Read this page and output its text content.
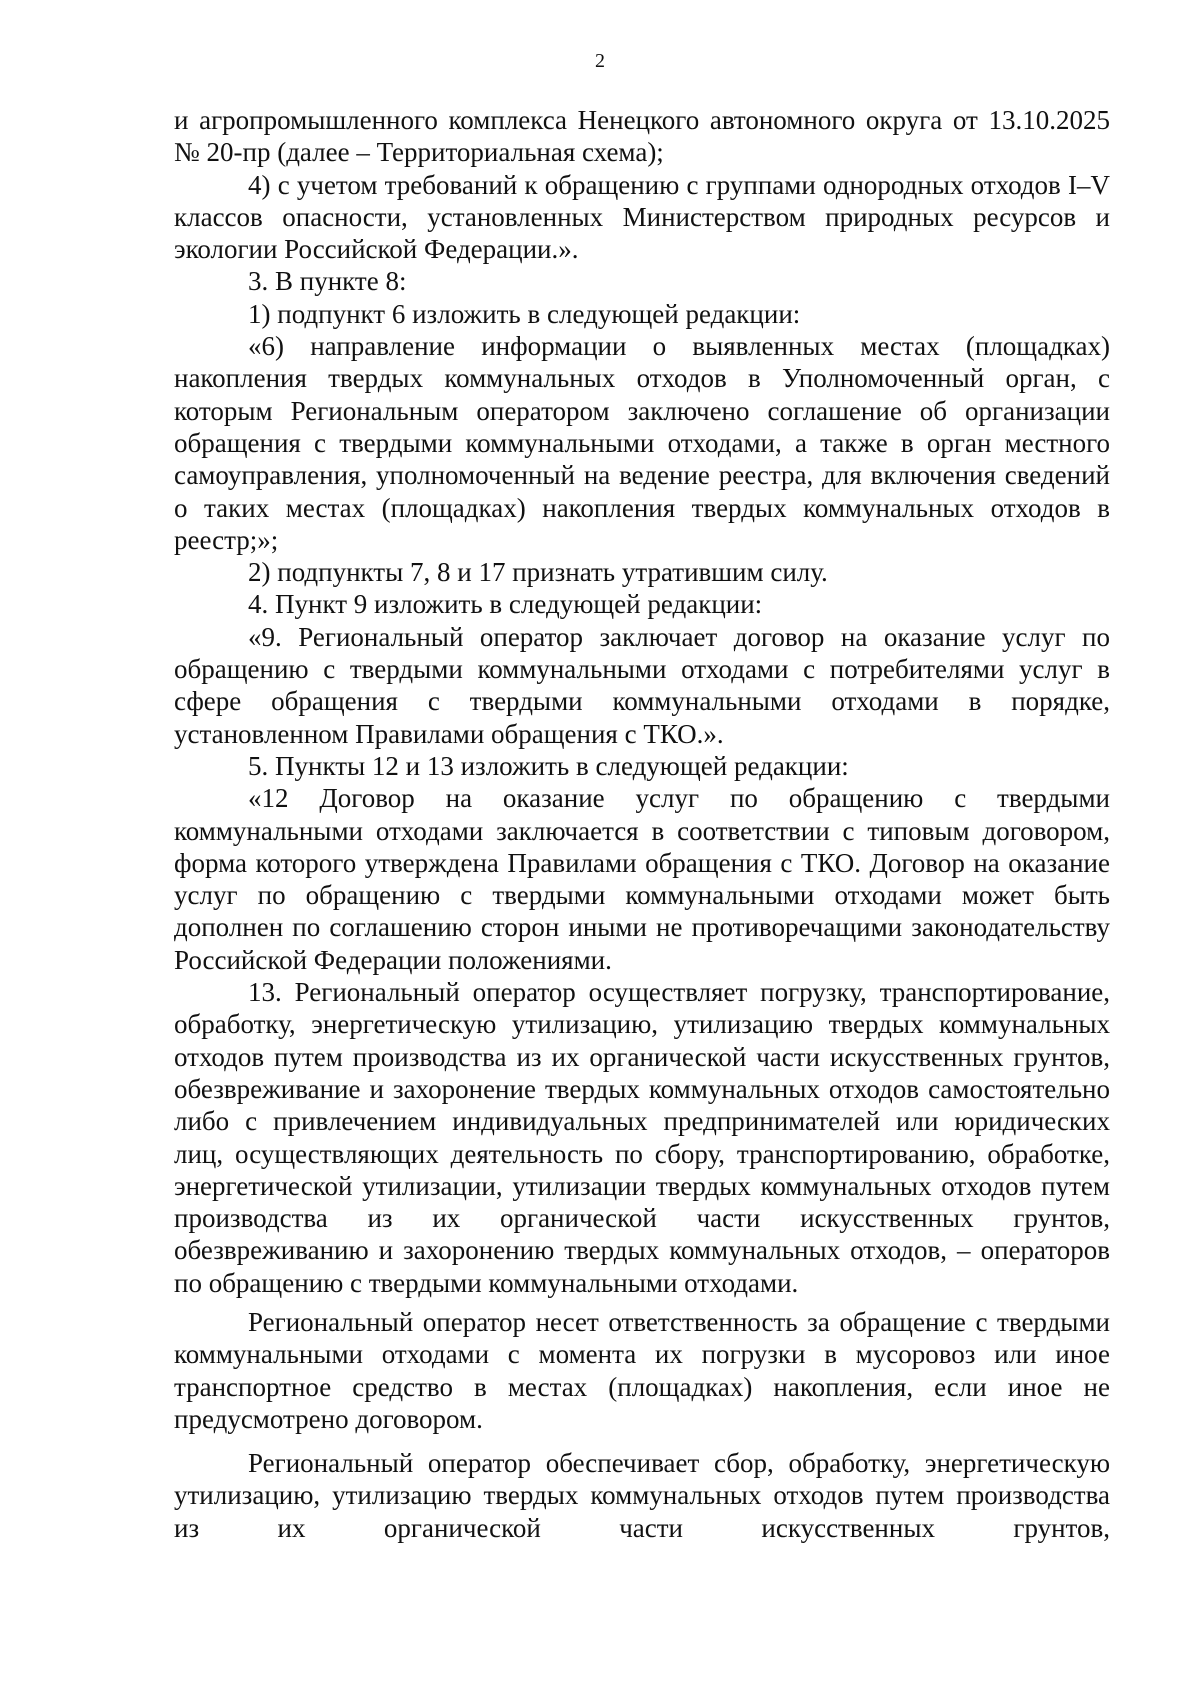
2

и агропромышленного комплекса Ненецкого автономного округа от 13.10.2025 № 20-пр (далее – Территориальная схема);

4) с учетом требований к обращению с группами однородных отходов I–V классов опасности, установленных Министерством природных ресурсов и экологии Российской Федерации.».

3. В пункте 8:

1) подпункт 6 изложить в следующей редакции:

«6) направление информации о выявленных местах (площадках) накопления твердых коммунальных отходов в Уполномоченный орган, с которым Региональным оператором заключено соглашение об организации обращения с твердыми коммунальными отходами, а также в орган местного самоуправления, уполномоченный на ведение реестра, для включения сведений о таких местах (площадках) накопления твердых коммунальных отходов в реестр;»;

2) подпункты 7, 8 и 17 признать утратившим силу.

4. Пункт 9 изложить в следующей редакции:

«9. Региональный оператор заключает договор на оказание услуг по обращению с твердыми коммунальными отходами с потребителями услуг в сфере обращения с твердыми коммунальными отходами в порядке, установленном Правилами обращения с ТКО.».

5. Пункты 12 и 13 изложить в следующей редакции:

«12 Договор на оказание услуг по обращению с твердыми коммунальными отходами заключается в соответствии с типовым договором, форма которого утверждена Правилами обращения с ТКО. Договор на оказание услуг по обращению с твердыми коммунальными отходами может быть дополнен по соглашению сторон иными не противоречащими законодательству Российской Федерации положениями.

13. Региональный оператор осуществляет погрузку, транспортирование, обработку, энергетическую утилизацию, утилизацию твердых коммунальных отходов путем производства из их органической части искусственных грунтов, обезвреживание и захоронение твердых коммунальных отходов самостоятельно либо с привлечением индивидуальных предпринимателей или юридических лиц, осуществляющих деятельность по сбору, транспортированию, обработке, энергетической утилизации, утилизации твердых коммунальных отходов путем производства из их органической части искусственных грунтов, обезвреживанию и захоронению твердых коммунальных отходов, – операторов по обращению с твердыми коммунальными отходами.

Региональный оператор несет ответственность за обращение с твердыми коммунальными отходами с момента их погрузки в мусоровоз или иное транспортное средство в местах (площадках) накопления, если иное не предусмотрено договором.

Региональный оператор обеспечивает сбор, обработку, энергетическую утилизацию, утилизацию твердых коммунальных отходов путем производства из их органической части искусственных грунтов,
